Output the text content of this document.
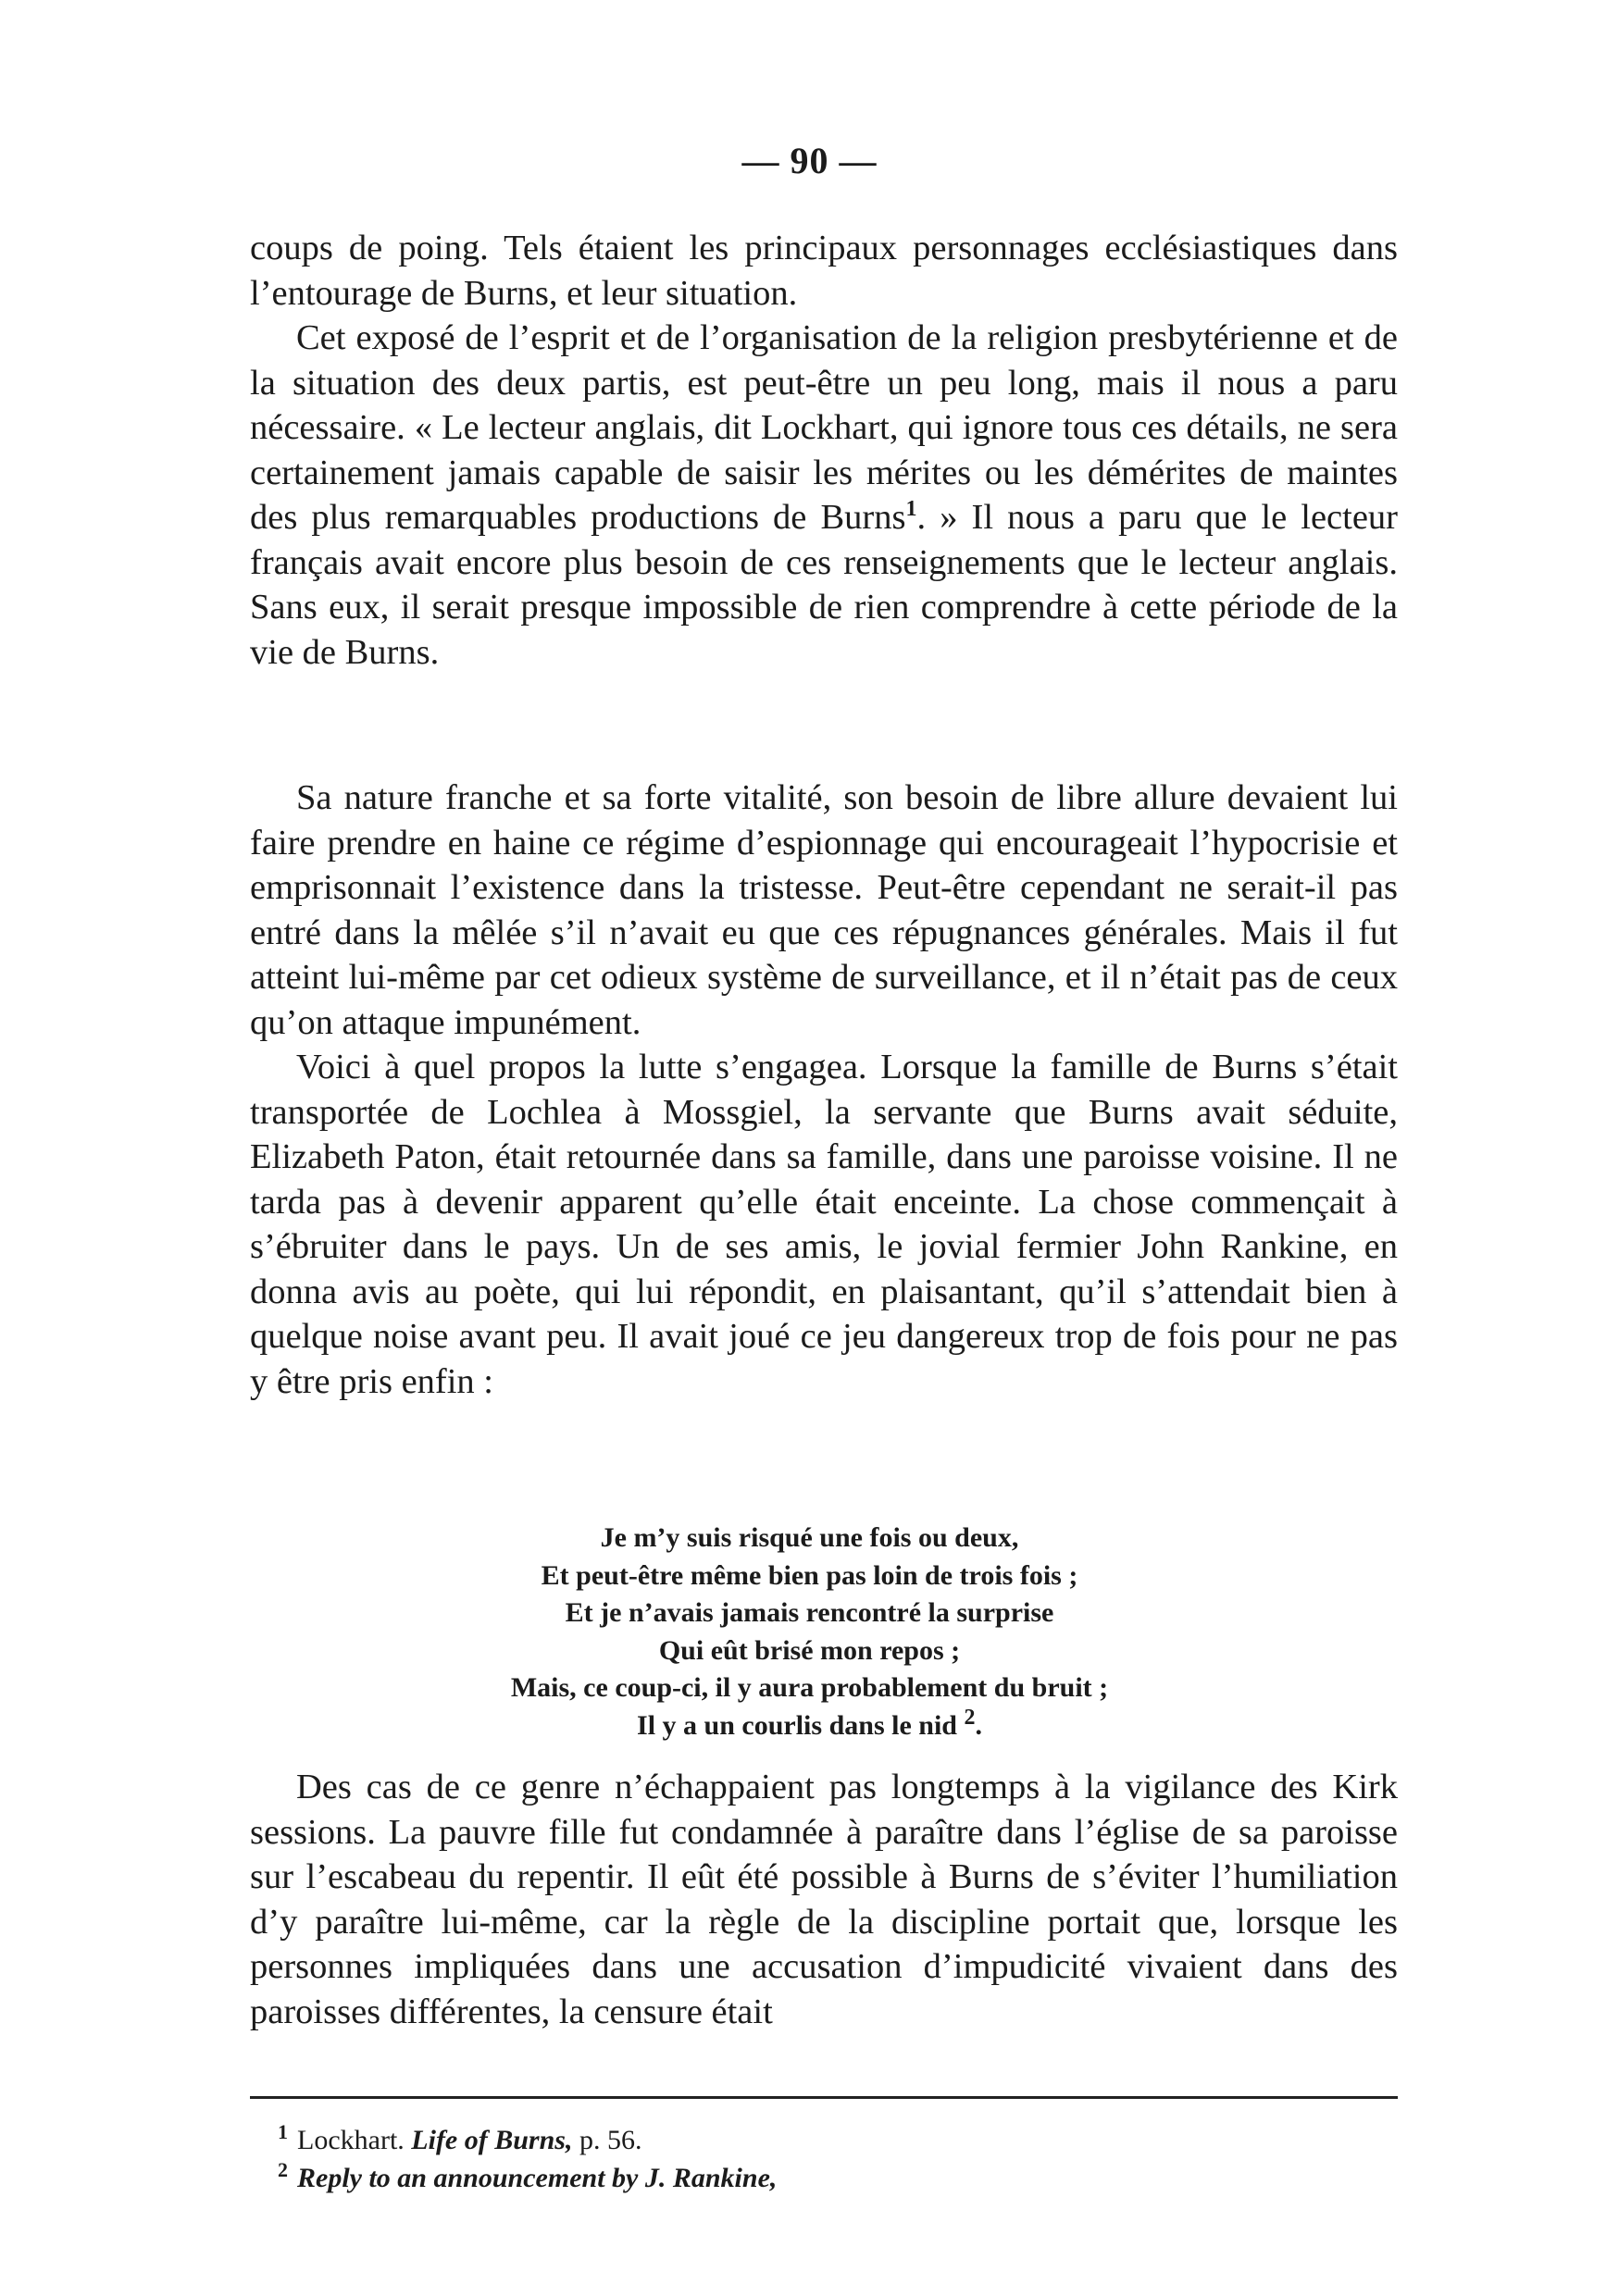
— 90 —

coups de poing. Tels étaient les principaux personnages ecclésiastiques dans l’entourage de Burns, et leur situation.

Cet exposé de l’esprit et de l’organisation de la religion presbytérienne et de la situation des deux partis, est peut-être un peu long, mais il nous a paru nécessaire. « Le lecteur anglais, dit Lockhart, qui ignore tous ces détails, ne sera certainement jamais capable de saisir les mérites ou les démérites de maintes des plus remarquables productions de Burns$^1$. » Il nous a paru que le lecteur français avait encore plus besoin de ces renseignements que le lecteur anglais. Sans eux, il serait presque impossible de rien comprendre à cette période de la vie de Burns.

Sa nature franche et sa forte vitalité, son besoin de libre allure devaient lui faire prendre en haine ce régime d’espionnage qui encourageait l’hypocrisie et emprisonnait l’existence dans la tristesse. Peut-être cependant ne serait-il pas entré dans la mêlée s’il n’avait eu que ces répugnances générales. Mais il fut atteint lui-même par cet odieux système de surveillance, et il n’était pas de ceux qu’on attaque impunément.

Voici à quel propos la lutte s’engagea. Lorsque la famille de Burns s’était transportée de Lochlea à Mossgiel, la servante que Burns avait séduite, Elizabeth Paton, était retournée dans sa famille, dans une paroisse voisine. Il ne tarda pas à devenir apparent qu’elle était enceinte. La chose commençait à s’ébruiter dans le pays. Un de ses amis, le jovial fermier John Rankine, en donna avis au poète, qui lui répondit, en plaisantant, qu’il s’attendait bien à quelque noise avant peu. Il avait joué ce jeu dangereux trop de fois pour ne pas y être pris enfin :

Je m’y suis risqué une fois ou deux,
Et peut-être même bien pas loin de trois fois ;
Et je n’avais jamais rencontré la surprise
Qui eût brisé mon repos ;
Mais, ce coup-ci, il y aura probablement du bruit ;
Il y a un courlis dans le nid $^2$.

Des cas de ce genre n’échappaient pas longtemps à la vigilance des Kirk sessions. La pauvre fille fut condamnée à paraître dans l’église de sa paroisse sur l’escabeau du repentir. Il eût été possible à Burns de s’éviter l’humiliation d’y paraître lui-même, car la règle de la discipline portait que, lorsque les personnes impliquées dans une accusation d’impudicité vivaient dans des paroisses différentes, la censure était

$^1$ Lockhart. Life of Burns, p. 56.
$^2$ Reply to an announcement by J. Rankine,
